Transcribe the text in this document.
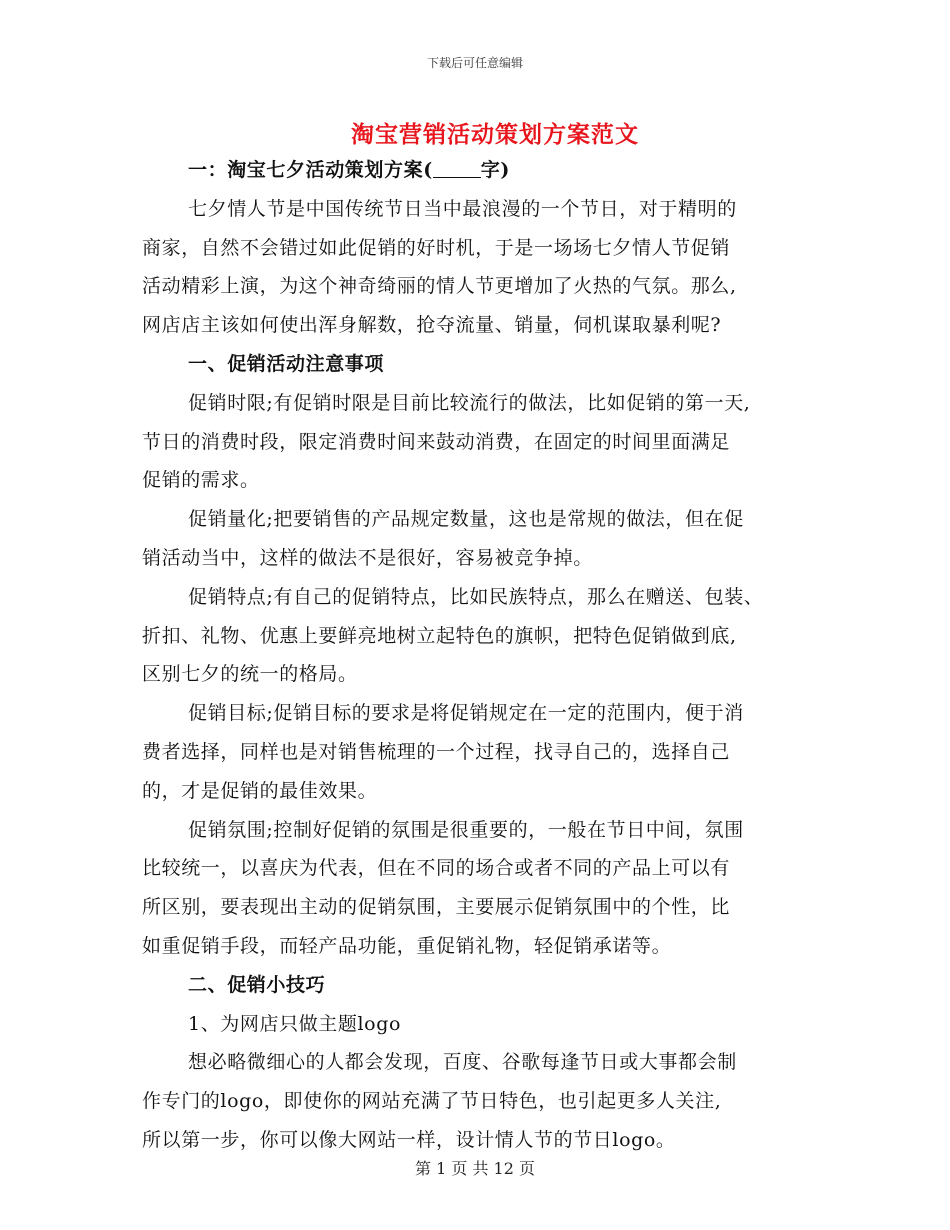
下载后可任意编辑
淘宝营销活动策划方案范文
一：淘宝七夕活动策划方案(	字)
七夕情人节是中国传统节日当中最浪漫的一个节日，对于精明的
商家，自然不会错过如此促销的好时机，于是一场场七夕情人节促销
活动精彩上演，为这个神奇绮丽的情人节更增加了火热的气氛。那么,
网店店主该如何使出浑身解数，抢夺流量、销量，伺机谋取暴利呢?
一、促销活动注意事项
促销时限;有促销时限是目前比较流行的做法，比如促销的第一天,
节日的消费时段，限定消费时间来鼓动消费，在固定的时间里面满足
促销的需求。
促销量化;把要销售的产品规定数量，这也是常规的做法，但在促
销活动当中，这样的做法不是很好，容易被竞争掉。
促销特点;有自己的促销特点，比如民族特点，那么在赠送、包装、
折扣、礼物、优惠上要鲜亮地树立起特色的旗帜，把特色促销做到底,
区别七夕的统一的格局。
促销目标;促销目标的要求是将促销规定在一定的范围内，便于消
费者选择，同样也是对销售梳理的一个过程，找寻自己的，选择自己
的，才是促销的最佳效果。
促销氛围;控制好促销的氛围是很重要的，一般在节日中间，氛围
比较统一，以喜庆为代表，但在不同的场合或者不同的产品上可以有
所区别，要表现出主动的促销氛围，主要展示促销氛围中的个性，比
如重促销手段，而轻产品功能，重促销礼物，轻促销承诺等。
二、促销小技巧
1、为网店只做主题logo
想必略微细心的人都会发现，百度、谷歌每逢节日或大事都会制
作专门的logo，即使你的网站充满了节日特色，也引起更多人关注,
所以第一步，你可以像大网站一样，设计情人节的节日logo。
第 1 页 共 12 页
